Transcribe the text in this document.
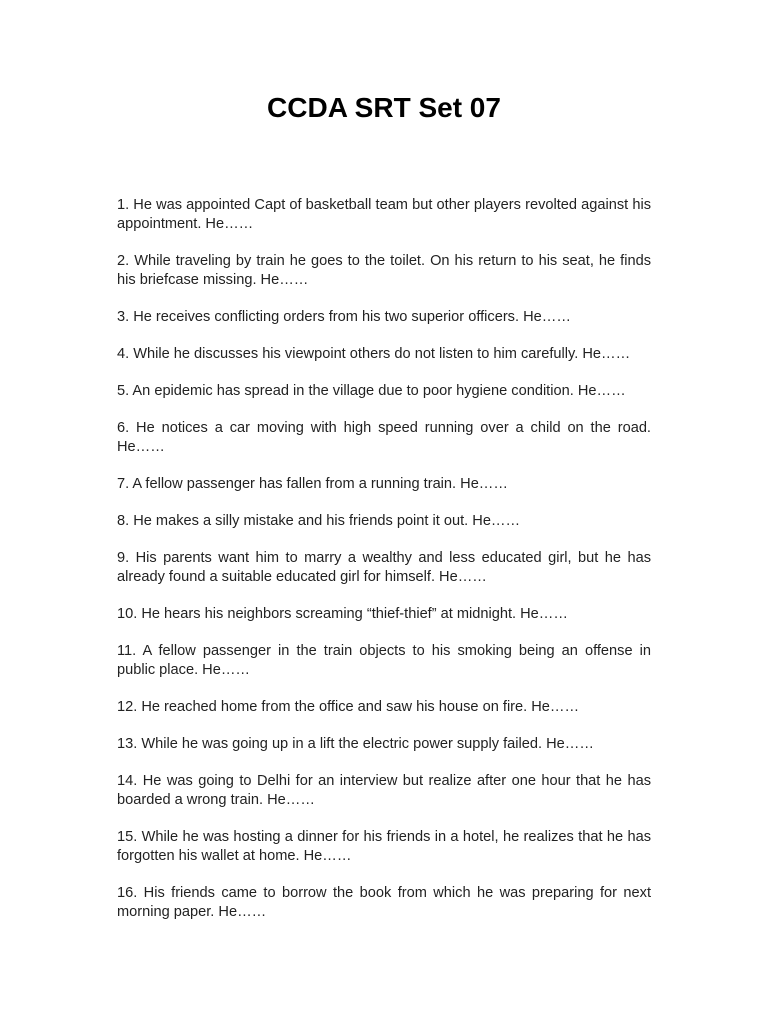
CCDA SRT Set 07
1. He was appointed Capt of basketball team but other players revolted against his appointment. He……
2. While traveling by train he goes to the toilet. On his return to his seat, he finds his briefcase missing. He……
3. He receives conflicting orders from his two superior officers. He……
4. While he discusses his viewpoint others do not listen to him carefully. He……
5. An epidemic has spread in the village due to poor hygiene condition. He……
6. He notices a car moving with high speed running over a child on the road. He……
7. A fellow passenger has fallen from a running train. He……
8. He makes a silly mistake and his friends point it out. He……
9. His parents want him to marry a wealthy and less educated girl, but he has already found a suitable educated girl for himself. He……
10. He hears his neighbors screaming “thief-thief” at midnight. He……
11. A fellow passenger in the train objects to his smoking being an offense in public place. He……
12. He reached home from the office and saw his house on fire. He……
13. While he was going up in a lift the electric power supply failed. He……
14. He was going to Delhi for an interview but realize after one hour that he has boarded a wrong train. He……
15. While he was hosting a dinner for his friends in a hotel, he realizes that he has forgotten his wallet at home. He……
16. His friends came to borrow the book from which he was preparing for next morning paper. He……
